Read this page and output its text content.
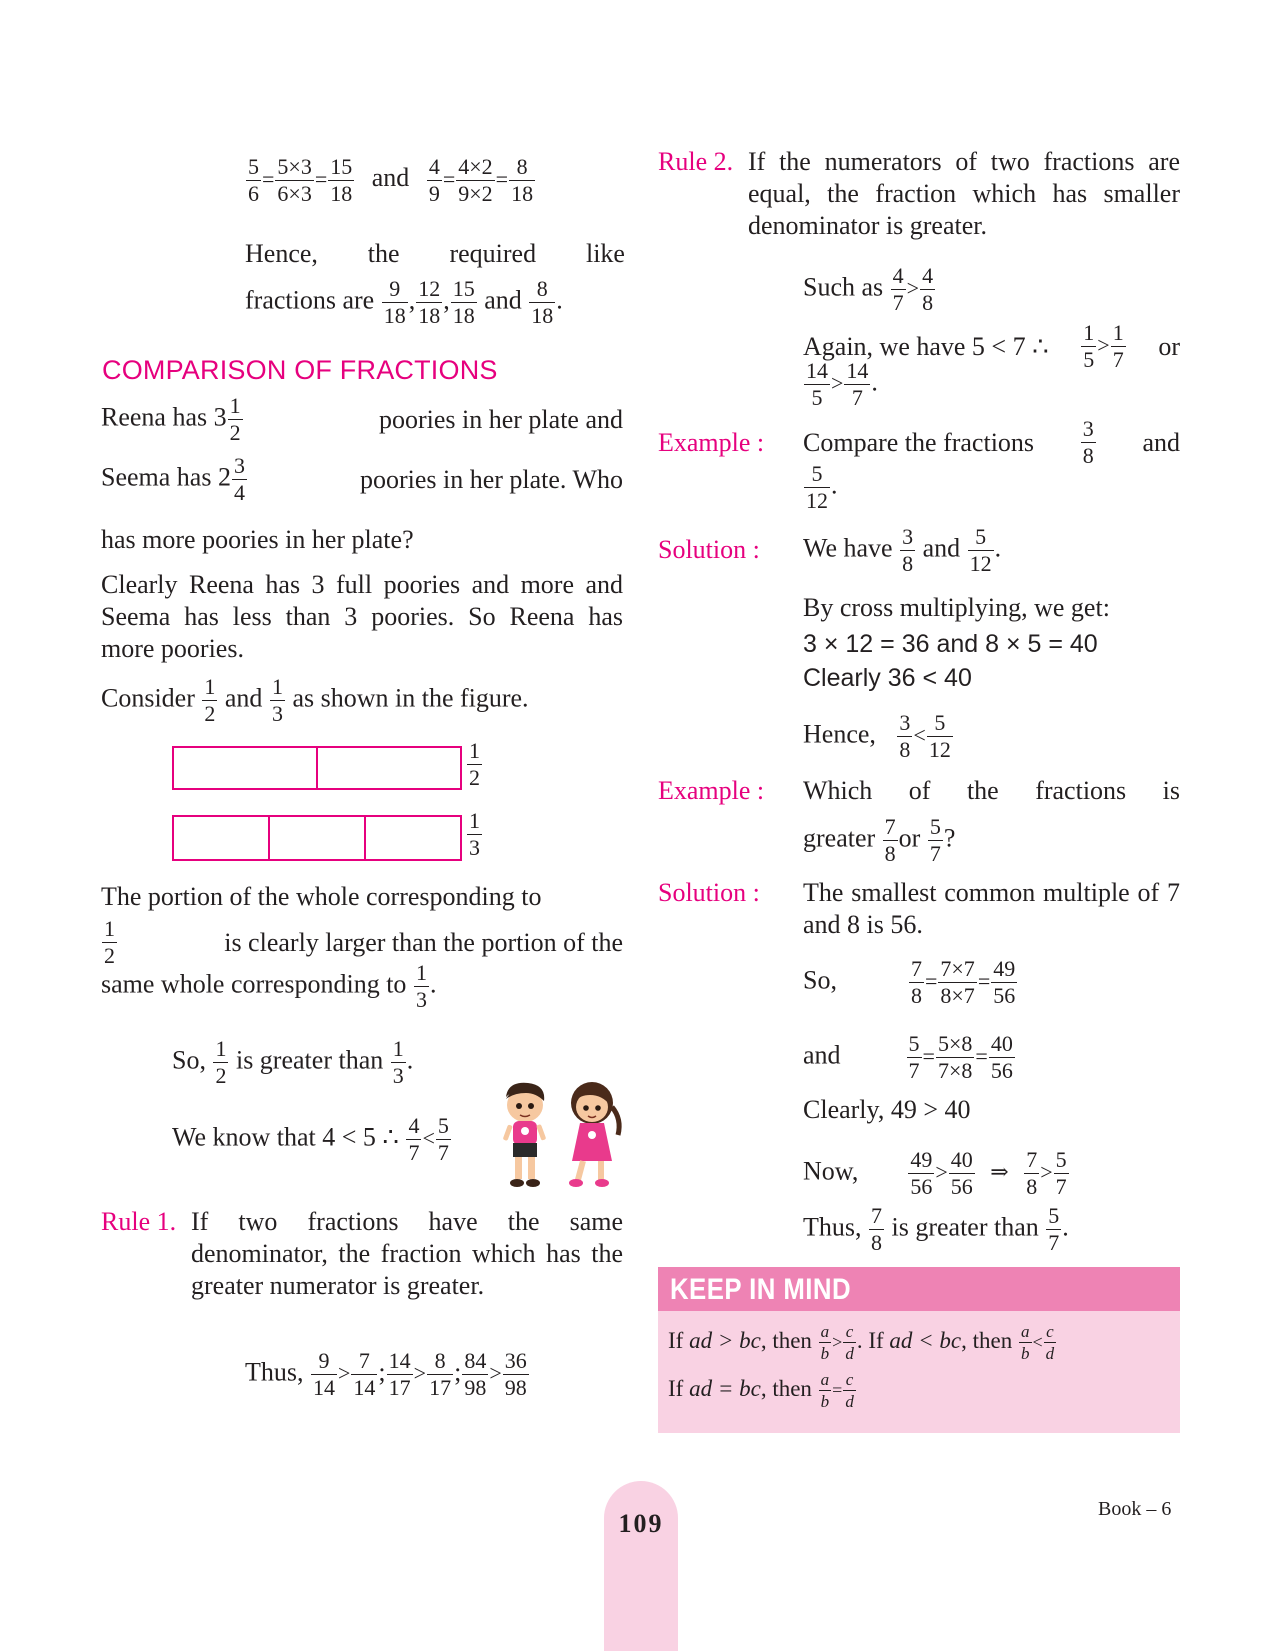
$\frac{5}{6} = \frac{5\times 3}{6\times 3} = \frac{15}{18}$ and $\frac{4}{9} = \frac{4\times 2}{9\times 2} = \frac{8}{18}$
Hence, the required like
fractions are $\frac{9}{18}$ , $\frac{12}{18}$ , $\frac{15}{18}$ and $\frac{8}{18}$ .
COMPARISON OF FRACTIONS
Reena has $3 \frac{1}{2}$	poories in her plate and
Seema has $2 \frac{3}{4}$	poories in her plate. Who
has more poories in her plate?
Clearly Reena has 3 full poories and more and Seema has less than 3 poories. So Reena has more poories.
Consider $\frac{1}{2}$ and $\frac{1}{3}$ as shown in the figure.
$\frac{1}{2}$
$\frac{1}{3}$
The portion of the whole corresponding to
1
2	is clearly larger than the portion of the
same whole corresponding to $\frac{1}{3}$ .
So, $\frac{1}{2}$ is greater than $\frac{1}{3}$ .
We know that 4 < 5 ∴ $\frac{4}{7} < \frac{5}{7}$
Rule 1. If two fractions have the same denominator, the fraction which has the greater numerator is greater.
Thus, $\frac{9}{14} > \frac{7}{14}$ ; $\frac{14}{17} > \frac{8}{17}$ ; $\frac{84}{98} > \frac{36}{98}$
Rule 2. If the numerators of two fractions are equal, the fraction which has smaller denominator is greater.
Such as $\frac{4}{7} > \frac{4}{8}$
Again, we have 5 < 7 ∴ $\frac{1}{5} > \frac{1}{7}$ or
$\frac{14}{5} > \frac{14}{7}$ .
Example : Compare the fractions 3
8 and
$\frac{5}{12}$ .
Solution : We have $\frac{3}{8}$ and $\frac{5}{12}$ .
By cross multiplying, we get:
3 × 12 = 36 and 8 × 5 = 40
Clearly 36 < 40
Hence, $\frac{3}{8} < \frac{5}{12}$
Example : Which of the fractions is
greater $\frac{7}{8}$ or $\frac{5}{7}$ ?
Solution : The smallest common multiple of 7 and 8 is 56.
So,	$\frac{7}{8} = \frac{7\times 7}{8\times 7} = \frac{49}{56}$
and	$\frac{5}{7} = \frac{5\times 8}{7\times 8} = \frac{40}{56}$
Clearly, 49 > 40
Now, $\frac{49}{56} > \frac{40}{56}$ ⇒ $\frac{7}{8} > \frac{5}{7}$
Thus, $\frac{7}{8}$ is greater than $\frac{5}{7}$ .
KEEP IN MIND
If ad > bc, then $\frac{a}{b} > \frac{c}{d}$ . If ad < bc, then $\frac{a}{b} < \frac{c}{d}$
If ad = bc, then $\frac{a}{b} = \frac{c}{d}$
109	Book – 6
